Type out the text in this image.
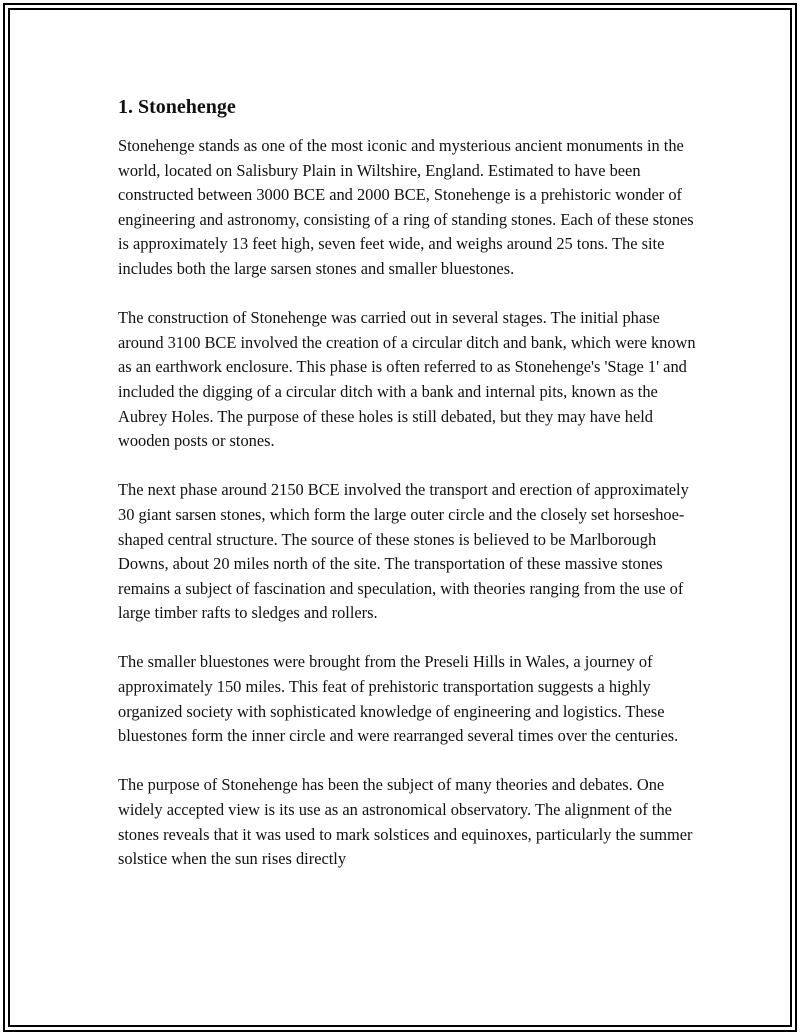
1. Stonehenge

Stonehenge stands as one of the most iconic and mysterious ancient monuments in the world, located on Salisbury Plain in Wiltshire, England. Estimated to have been constructed between 3000 BCE and 2000 BCE, Stonehenge is a prehistoric wonder of engineering and astronomy, consisting of a ring of standing stones. Each of these stones is approximately 13 feet high, seven feet wide, and weighs around 25 tons. The site includes both the large sarsen stones and smaller bluestones.

The construction of Stonehenge was carried out in several stages. The initial phase around 3100 BCE involved the creation of a circular ditch and bank, which were known as an earthwork enclosure. This phase is often referred to as Stonehenge's 'Stage 1' and included the digging of a circular ditch with a bank and internal pits, known as the Aubrey Holes. The purpose of these holes is still debated, but they may have held wooden posts or stones.

The next phase around 2150 BCE involved the transport and erection of approximately 30 giant sarsen stones, which form the large outer circle and the closely set horseshoe-shaped central structure. The source of these stones is believed to be Marlborough Downs, about 20 miles north of the site. The transportation of these massive stones remains a subject of fascination and speculation, with theories ranging from the use of large timber rafts to sledges and rollers.

The smaller bluestones were brought from the Preseli Hills in Wales, a journey of approximately 150 miles. This feat of prehistoric transportation suggests a highly organized society with sophisticated knowledge of engineering and logistics. These bluestones form the inner circle and were rearranged several times over the centuries.

The purpose of Stonehenge has been the subject of many theories and debates. One widely accepted view is its use as an astronomical observatory. The alignment of the stones reveals that it was used to mark solstices and equinoxes, particularly the summer solstice when the sun rises directly
